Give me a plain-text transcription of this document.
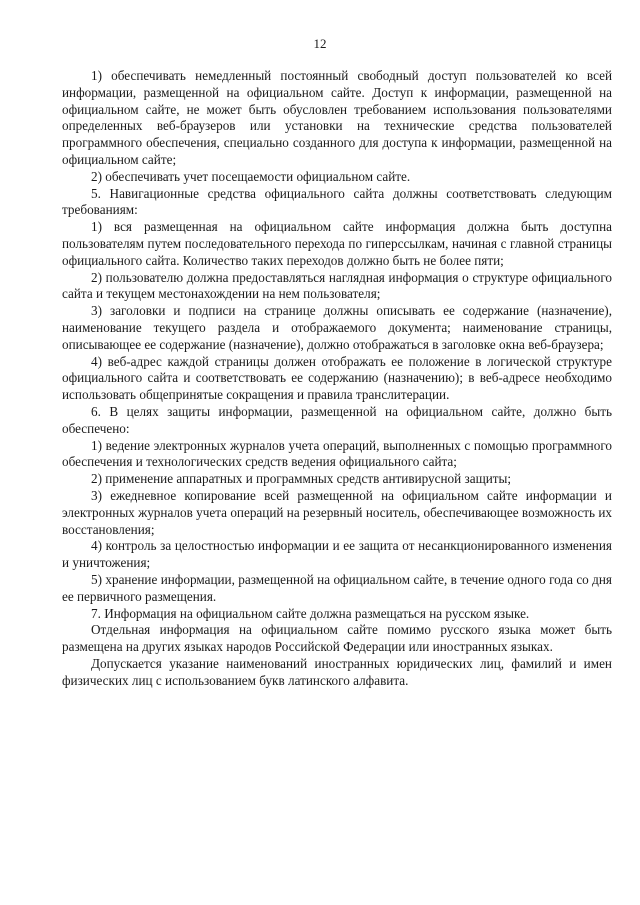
12

1) обеспечивать немедленный постоянный свободный доступ пользователей ко всей информации, размещенной на официальном сайте. Доступ к информации, размещенной на официальном сайте, не может быть обусловлен требованием использования пользователями определенных веб-браузеров или установки на технические средства пользователей программного обеспечения, специально созданного для доступа к информации, размещенной на официальном сайте;

2) обеспечивать учет посещаемости официальном сайте.

5. Навигационные средства официального сайта должны соответствовать следующим требованиям:

1) вся размещенная на официальном сайте информация должна быть доступна пользователям путем последовательного перехода по гиперссылкам, начиная с главной страницы официального сайта. Количество таких переходов должно быть не более пяти;

2) пользователю должна предоставляться наглядная информация о структуре официального сайта и текущем местонахождении на нем пользователя;

3) заголовки и подписи на странице должны описывать ее содержание (назначение), наименование текущего раздела и отображаемого документа; наименование страницы, описывающее ее содержание (назначение), должно отображаться в заголовке окна веб-браузера;

4) веб-адрес каждой страницы должен отображать ее положение в логической структуре официального сайта и соответствовать ее содержанию (назначению); в веб-адресе необходимо использовать общепринятые сокращения и правила транслитерации.

6. В целях защиты информации, размещенной на официальном сайте, должно быть обеспечено:

1) ведение электронных журналов учета операций, выполненных с помощью программного обеспечения и технологических средств ведения официального сайта;

2) применение аппаратных и программных средств антивирусной защиты;

3) ежедневное копирование всей размещенной на официальном сайте информации и электронных журналов учета операций на резервный носитель, обеспечивающее возможность их восстановления;

4) контроль за целостностью информации и ее защита от несанкционированного изменения и уничтожения;

5) хранение информации, размещенной на официальном сайте, в течение одного года со дня ее первичного размещения.

7. Информация на официальном сайте должна размещаться на русском языке.

Отдельная информация на официальном сайте помимо русского языка может быть размещена на других языках народов Российской Федерации или иностранных языках.

Допускается указание наименований иностранных юридических лиц, фамилий и имен физических лиц с использованием букв латинского алфавита.
